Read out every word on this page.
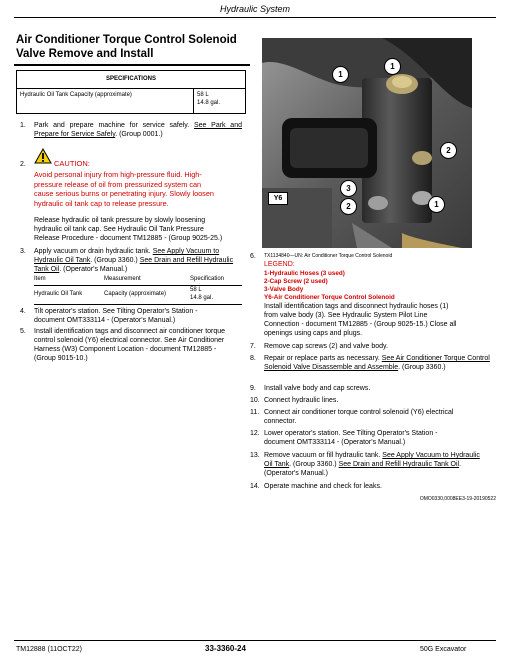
Hydraulic System
Air Conditioner Torque Control Solenoid
Valve Remove and Install
SPECIFICATIONS
Hydraulic Oil Tank Capacity (approximate)	58 L
14.8 gal.
1. Park and prepare machine for service safely. See Park and Prepare for Service Safely. (Group 0001.)
2.	CAUTION:
Avoid personal injury from high-pressure fluid. High-
pressure release of oil from pressurized system can
cause serious burns or penetrating injury. Slowly loosen
hydraulic oil tank cap to release pressure.
Release hydraulic oil tank pressure by slowly loosening
hydraulic oil tank cap. See Hydraulic Oil Tank Pressure
Release Procedure - document TM12885 - (Group 9025-25.)
3. Apply vacuum or drain hydraulic tank. See Apply Vacuum to Hydraulic Oil Tank. (Group 3360.) See Drain and Refill Hydraulic Tank Oil. (Operator's Manual.)
Item	Measurement	Specification
Hydraulic Oil Tank	Capacity (approximate)
58 L
14.8 gal.
4. Tilt operator's station. See Tilting Operator's Station -
document OMT333114 - (Operator's Manual.)
5. Install identification tags and disconnect air conditioner torque
control solenoid (Y6) electrical connector. See Air Conditioner
Harness (W3) Component Location - document TM12885 -
(Group 9015-10.)
1
1
2
3
2	1
Y6
6. TX1134840—UN: Air Conditioner Torque Control Solenoid
LEGEND:
1-Hydraulic Hoses (3 used)
2-Cap Screw (2 used)
3-Valve Body
Y6-Air Conditioner Torque Control Solenoid
Install identification tags and disconnect hydraulic hoses (1)
from valve body (3). See Hydraulic System Pilot Line
Connection - document TM12885 - (Group 9025-15.) Close all
openings using caps and plugs.
7. Remove cap screws (2) and valve body.
8. Repair or replace parts as necessary. See Air Conditioner Torque Control Solenoid Valve Disassemble and Assemble. (Group 3360.)
9. Install valve body and cap screws.
10. Connect hydraulic lines.
11. Connect air conditioner torque control solenoid (Y6) electrical
connector.
12. Lower operator's station. See Tilting Operator's Station -
document OMT333114 - (Operator's Manual.)
13. Remove vacuum or fill hydraulic tank. See Apply Vacuum to Hydraulic Oil Tank. (Group 3360.) See Drain and Refill Hydraulic Tank Oil. (Operator's Manual.)
14. Operate machine and check for leaks.
OMO0330,0008EE3-19-20190522
TM12888 (11OCT22)	33-3360-24	50G Excavator
